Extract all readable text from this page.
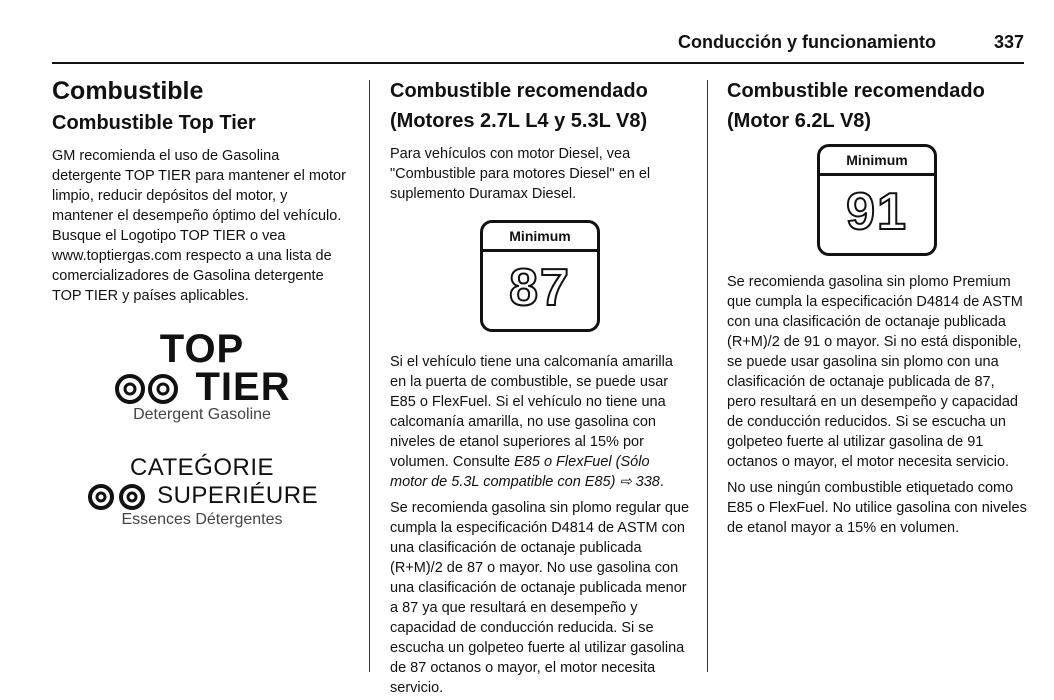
Conducción y funcionamiento	337
Combustible
Combustible Top Tier

GM recomienda el uso de Gasolina detergente TOP TIER para mantener el motor limpio, reducir depósitos del motor, y mantener el desempeño óptimo del vehículo. Busque el Logotipo TOP TIER o vea www.toptiergas.com respecto a una lista de comercializadores de Gasolina detergente TOP TIER y países aplicables.

TOP
TIER
Detergent Gasoline
CATEǴORIE
SUPERIÉURE
Essences Détergentes
Combustible recomendado (Motores 2.7L L4 y 5.3L V8)

Para vehículos con motor Diesel, vea "Combustible para motores Diesel" en el suplemento Duramax Diesel.

Minimum
87

Si el vehículo tiene una calcomanía amarilla en la puerta de combustible, se puede usar E85 o FlexFuel. Si el vehículo no tiene una calcomanía amarilla, no use gasolina con niveles de etanol superiores al 15% por volumen. Consulte E85 o FlexFuel (Sólo motor de 5.3L compatible con E85) ⇨ 338.

Se recomienda gasolina sin plomo regular que cumpla la especificación D4814 de ASTM con una clasificación de octanaje publicada (R+M)/2 de 87 o mayor. No use gasolina con una clasificación de octanaje publicada menor a 87 ya que resultará en desempeño y capacidad de conducción reducida. Si se escucha un golpeteo fuerte al utilizar gasolina de 87 octanos o mayor, el motor necesita servicio.

Combustible recomendado (Motor 6.2L V8)
Minimum
91

Se recomienda gasolina sin plomo Premium que cumpla la especificación D4814 de ASTM con una clasificación de octanaje publicada (R+M)/2 de 91 o mayor. Si no está disponible, se puede usar gasolina sin plomo con una clasificación de octanaje publicada de 87, pero resultará en un desempeño y capacidad de conducción reducidos. Si se escucha un golpeteo fuerte al utilizar gasolina de 91 octanos o mayor, el motor necesita servicio.

No use ningún combustible etiquetado como E85 o FlexFuel. No utilice gasolina con niveles de etanol mayor a 15% en volumen.
